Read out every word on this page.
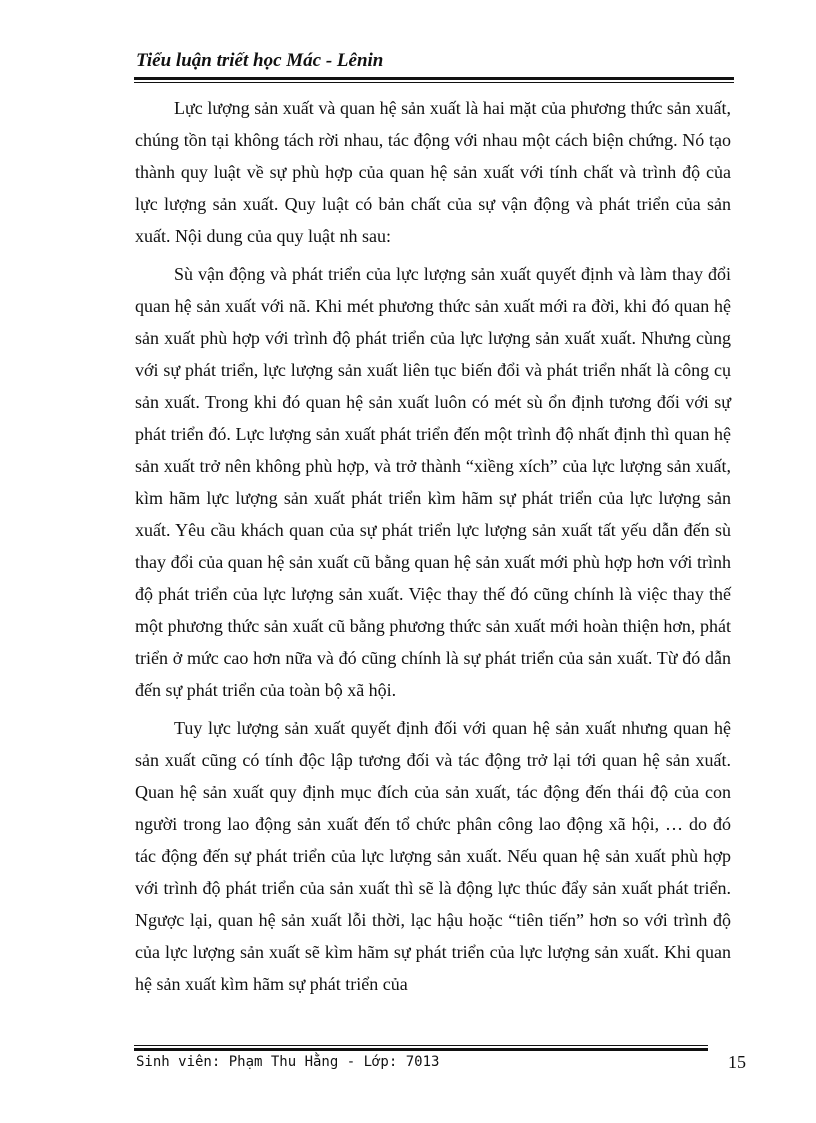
Tiểu luận triết học Mác - Lênin

Lực lượng sản xuất và quan hệ sản xuất là hai mặt của phương thức sản xuất, chúng tồn tại không tách rời nhau, tác động với nhau một cách biện chứng. Nó tạo thành quy luật về sự phù hợp của quan hệ sản xuất với tính chất và trình độ của lực lượng sản xuất. Quy luật có bản chất của sự vận động và phát triển của sản xuất. Nội dung của quy luật nh sau:

Sù vận động và phát triển của lực lượng sản xuất quyết định và làm thay đổi quan hệ sản xuất với nã. Khi mét phương thức sản xuất mới ra đời, khi đó quan hệ sản xuất phù hợp với trình độ phát triển của lực lượng sản xuất xuất. Nhưng cùng với sự phát triển, lực lượng sản xuất liên tục biến đổi và phát triển nhất là công cụ sản xuất. Trong khi đó quan hệ sản xuất luôn có mét sù ổn định tương đối với sự phát triển đó. Lực lượng sản xuất phát triển đến một trình độ nhất định thì quan hệ sản xuất trở nên không phù hợp, và trở thành “xiềng xích” của lực lượng sản xuất, kìm hãm lực lượng sản xuất phát triển kìm hãm sự phát triển của lực lượng sản xuất. Yêu cầu khách quan của sự phát triển lực lượng sản xuất tất yếu dẫn đến sù thay đổi của quan hệ sản xuất cũ bằng quan hệ sản xuất mới phù hợp hơn với trình độ phát triển của lực lượng sản xuất. Việc thay thế đó cũng chính là việc thay thế một phương thức sản xuất cũ bằng phương thức sản xuất mới hoàn thiện hơn, phát triển ở mức cao hơn nữa và đó cũng chính là sự phát triển của sản xuất. Từ đó dẫn đến sự phát triển của toàn bộ xã hội.

Tuy lực lượng sản xuất quyết định đối với quan hệ sản xuất nhưng quan hệ sản xuất cũng có tính độc lập tương đối và tác động trở lại tới quan hệ sản xuất. Quan hệ sản xuất quy định mục đích của sản xuất, tác động đến thái độ của con người trong lao động sản xuất đến tổ chức phân công lao động xã hội, … do đó tác động đến sự phát triển của lực lượng sản xuất. Nếu quan hệ sản xuất phù hợp với trình độ phát triển của sản xuất thì sẽ là động lực thúc đẩy sản xuất phát triển. Ngược lại, quan hệ sản xuất lỗi thời, lạc hậu hoặc “tiên tiến” hơn so với trình độ của lực lượng sản xuất sẽ kìm hãm sự phát triển của lực lượng sản xuất. Khi quan hệ sản xuất kìm hãm sự phát triển của

Sinh viên: Phạm Thu Hằng - Lớp: 7013	15
